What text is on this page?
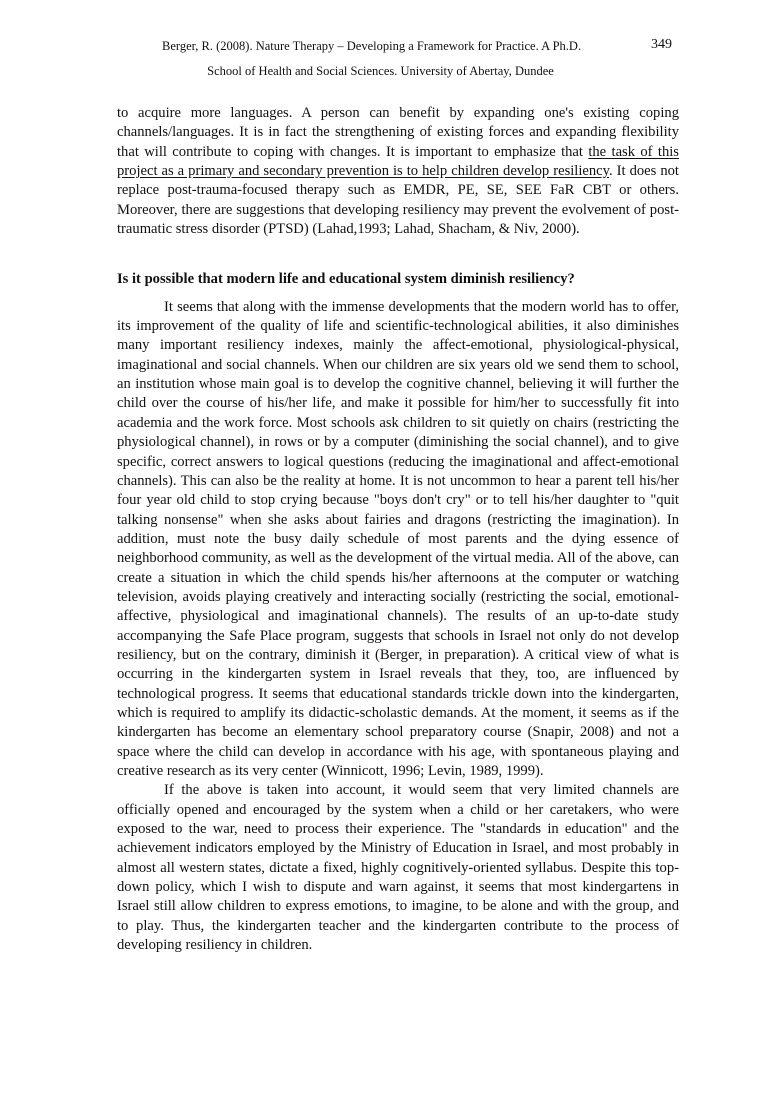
Berger, R. (2008). Nature Therapy – Developing a Framework for Practice. A Ph.D.	349
School of Health and Social Sciences. University of Abertay, Dundee

to acquire more languages. A person can benefit by expanding one's existing coping channels/languages. It is in fact the strengthening of existing forces and expanding flexibility that will contribute to coping with changes. It is important to emphasize that the task of this project as a primary and secondary prevention is to help children develop resiliency. It does not replace post-trauma-focused therapy such as EMDR, PE, SE, SEE FaR CBT or others. Moreover, there are suggestions that developing resiliency may prevent the evolvement of post-traumatic stress disorder (PTSD) (Lahad,1993; Lahad, Shacham, & Niv, 2000).

Is it possible that modern life and educational system diminish resiliency?

It seems that along with the immense developments that the modern world has to offer, its improvement of the quality of life and scientific-technological abilities, it also diminishes many important resiliency indexes, mainly the affect-emotional, physiological-physical, imaginational and social channels. When our children are six years old we send them to school, an institution whose main goal is to develop the cognitive channel, believing it will further the child over the course of his/her life, and make it possible for him/her to successfully fit into academia and the work force. Most schools ask children to sit quietly on chairs (restricting the physiological channel), in rows or by a computer (diminishing the social channel), and to give specific, correct answers to logical questions (reducing the imaginational and affect-emotional channels). This can also be the reality at home. It is not uncommon to hear a parent tell his/her four year old child to stop crying because "boys don't cry" or to tell his/her daughter to "quit talking nonsense" when she asks about fairies and dragons (restricting the imagination). In addition, must note the busy daily schedule of most parents and the dying essence of neighborhood community, as well as the development of the virtual media. All of the above, can create a situation in which the child spends his/her afternoons at the computer or watching television, avoids playing creatively and interacting socially (restricting the social, emotional-affective, physiological and imaginational channels). The results of an up-to-date study accompanying the Safe Place program, suggests that schools in Israel not only do not develop resiliency, but on the contrary, diminish it (Berger, in preparation). A critical view of what is occurring in the kindergarten system in Israel reveals that they, too, are influenced by technological progress. It seems that educational standards trickle down into the kindergarten, which is required to amplify its didactic-scholastic demands. At the moment, it seems as if the kindergarten has become an elementary school preparatory course (Snapir, 2008) and not a space where the child can develop in accordance with his age, with spontaneous playing and creative research as its very center (Winnicott, 1996; Levin, 1989, 1999).

If the above is taken into account, it would seem that very limited channels are officially opened and encouraged by the system when a child or her caretakers, who were exposed to the war, need to process their experience. The "standards in education" and the achievement indicators employed by the Ministry of Education in Israel, and most probably in almost all western states, dictate a fixed, highly cognitively-oriented syllabus. Despite this top-down policy, which I wish to dispute and warn against, it seems that most kindergartens in Israel still allow children to express emotions, to imagine, to be alone and with the group, and to play. Thus, the kindergarten teacher and the kindergarten contribute to the process of developing resiliency in children.
